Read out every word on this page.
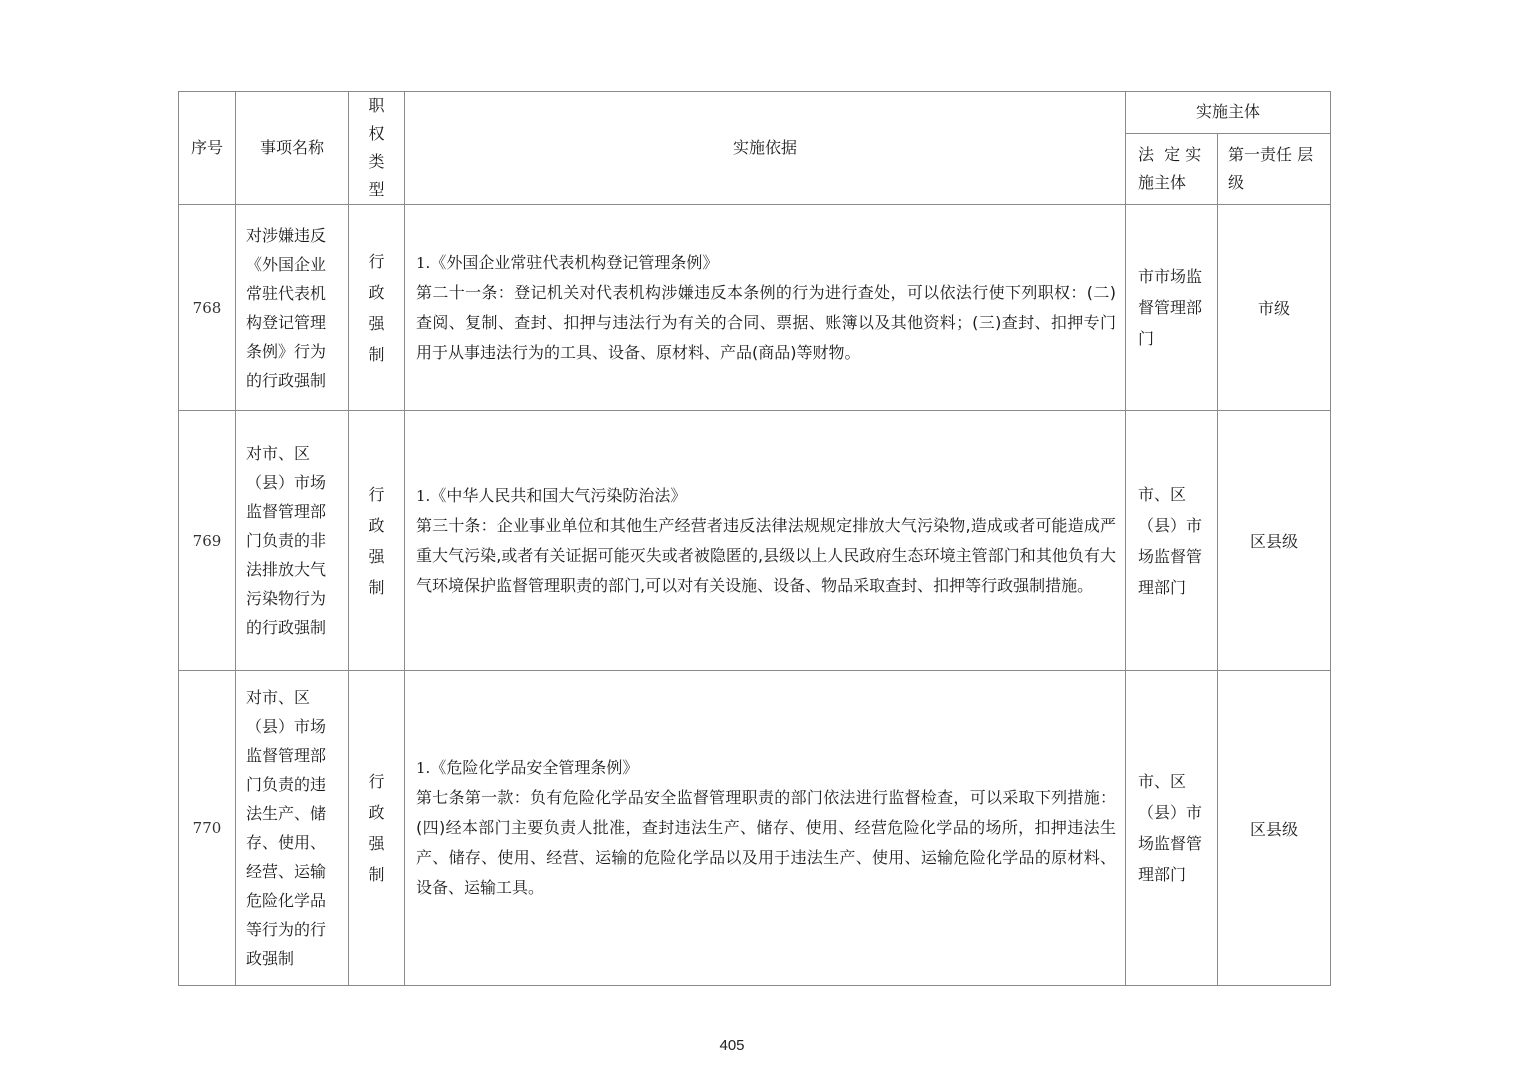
序号	事项名称	职权类型	实施依据	实施主体	
				法  定 实施主体	第一责任 层级
768	对涉嫌违反《外国企业常驻代表机构登记管理条例》行为的行政强制	行政强制	1.《外国企业常驻代表机构登记管理条例》
第二十一条：登记机关对代表机构涉嫌违反本条例的行为进行查处，可以依法行使下列职权：(二)查阅、复制、查封、扣押与违法行为有关的合同、票据、账簿以及其他资料；(三)查封、扣押专门用于从事违法行为的工具、设备、原材料、产品(商品)等财物。	市市场监督管理部门	市级
769	对市、区（县）市场监督管理部门负责的非法排放大气污染物行为的行政强制	行政强制	1.《中华人民共和国大气污染防治法》
第三十条：企业事业单位和其他生产经营者违反法律法规规定排放大气污染物,造成或者可能造成严重大气污染,或者有关证据可能灭失或者被隐匿的,县级以上人民政府生态环境主管部门和其他负有大气环境保护监督管理职责的部门,可以对有关设施、设备、物品采取查封、扣押等行政强制措施。	市、区（县）市场监督管理部门	区县级
770	对市、区（县）市场监督管理部门负责的违法生产、储存、使用、经营、运输危险化学品等行为的行政强制	行政强制	1.《危险化学品安全管理条例》
第七条第一款：负有危险化学品安全监督管理职责的部门依法进行监督检查，可以采取下列措施：(四)经本部门主要负责人批准，查封违法生产、储存、使用、经营危险化学品的场所，扣押违法生产、储存、使用、经营、运输的危险化学品以及用于违法生产、使用、运输危险化学品的原材料、设备、运输工具。	市、区（县）市场监督管理部门	区县级
405
